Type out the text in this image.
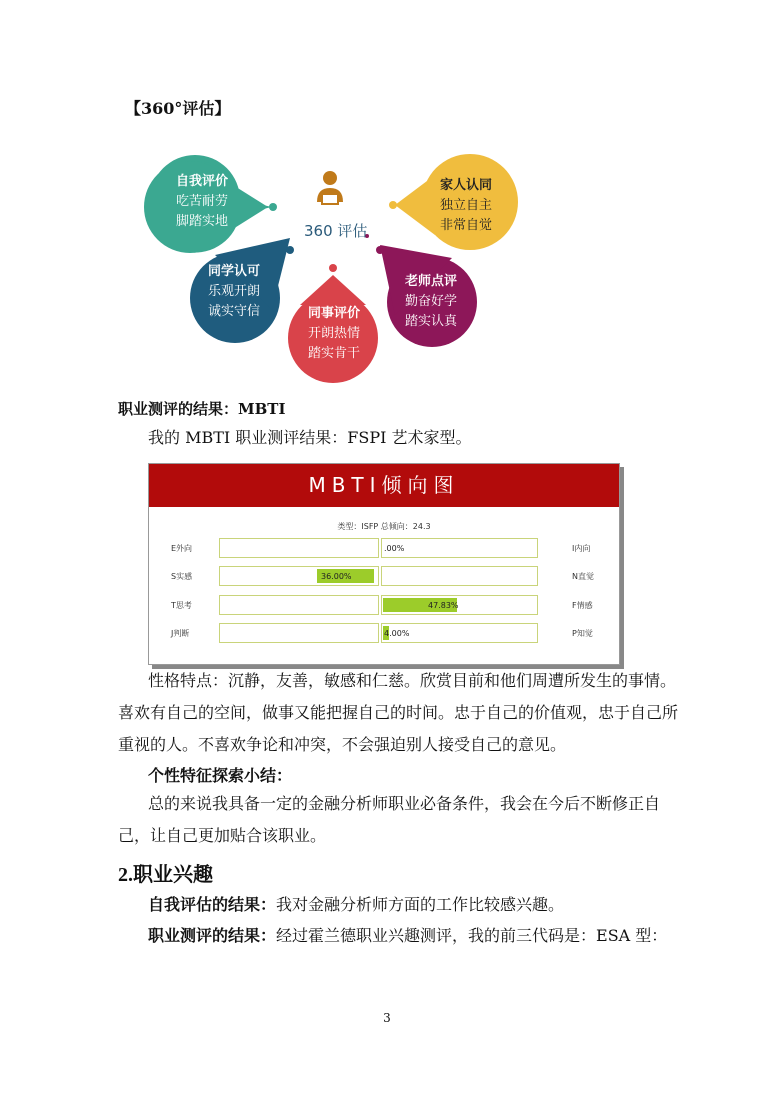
【360°评估】
360 评估
自我评价
吃苦耐劳
脚踏实地
家人认同
独立自主
非常自觉
同学认可
乐观开朗
诚实守信
老师点评
勤奋好学
踏实认真
同事评价
开朗热情
踏实肯干
职业测评的结果：MBTI
我的 MBTI 职业测评结果：FSPI 艺术家型。
MBTI倾向图
类型：ISFP 总倾向：24.3
E外向	.00%	I内向
S实感	36.00%	N直觉
T思考	47.83%	F情感
J判断	4.00%	P知觉
性格特点：沉静，友善，敏感和仁慈。欣赏目前和他们周遭所发生的事情。
喜欢有自己的空间，做事又能把握自己的时间。忠于自己的价值观，忠于自己所
重视的人。不喜欢争论和冲突，不会强迫别人接受自己的意见。
个性特征探索小结：
总的来说我具备一定的金融分析师职业必备条件，我会在今后不断修正自
己，让自己更加贴合该职业。
2.职业兴趣
自我评估的结果：我对金融分析师方面的工作比较感兴趣。
职业测评的结果：经过霍兰德职业兴趣测评，我的前三代码是：ESA 型：
3
